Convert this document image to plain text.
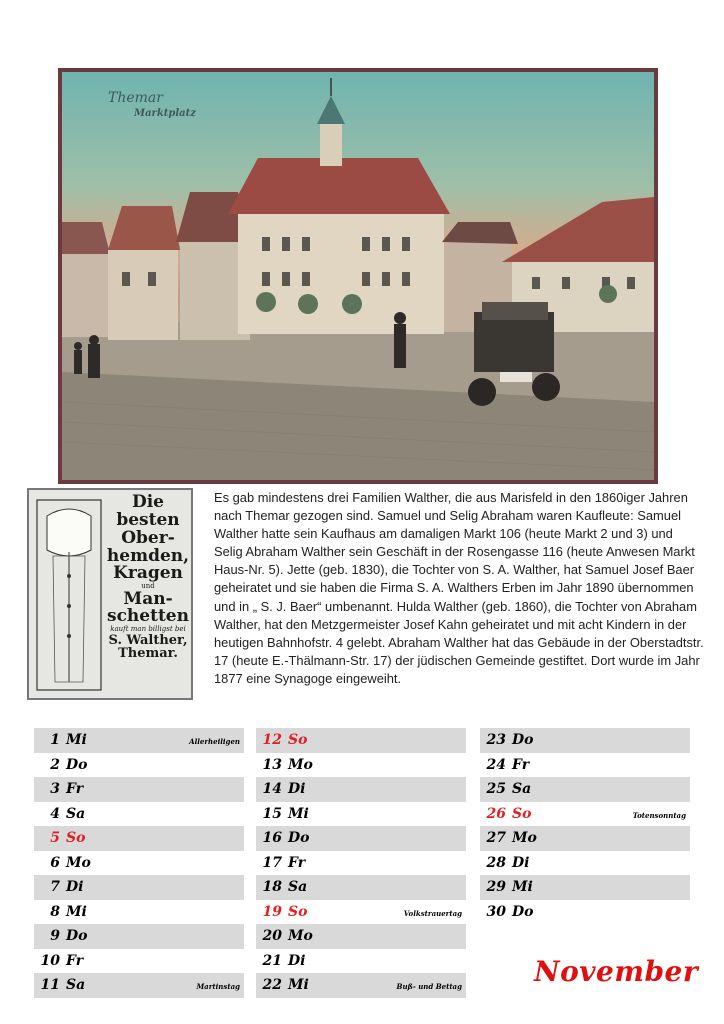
Themar
Marktplatz
Die besten
Ober-
hemden,
Kragen
und
Man-
schetten
kauft man billigst bei
S. Walther,
Themar.
Es gab mindestens drei Familien Walther, die aus Marisfeld in den 1860iger Jahren nach Themar gezogen sind. Samuel und Selig Abraham waren Kaufleute: Samuel Walther hatte sein Kaufhaus am damaligen Markt 106 (heute Markt 2 und 3) und Selig Abraham Walther sein Geschäft in der Rosengasse 116 (heute Anwesen Markt Haus-Nr. 5). Jette (geb. 1830), die Tochter von S. A. Walther, hat Samuel Josef Baer geheiratet und sie haben die Firma S. A. Walthers Erben im Jahr 1890 übernommen und in „ S. J. Baer“ umbenannt. Hulda Walther (geb. 1860), die Tochter von Abraham Walther, hat den Metzgermeister Josef Kahn geheiratet und mit acht Kindern in der heutigen Bahnhofstr. 4 gelebt. Abraham Walther hat das Gebäude in der Oberstadtstr. 17 (heute E.-Thälmann-Str. 17) der jüdischen Gemeinde gestiftet. Dort wurde im Jahr 1877 eine Synagoge eingeweiht.
1 Mi	Allerheiligen
2 Do
3 Fr
4 Sa
5 So
6 Mo
7 Di
8 Mi
9 Do
10 Fr
11 Sa	Martinstag
12 So
13 Mo
14 Di
15 Mi
16 Do
17 Fr
18 Sa
19 So	Volkstrauertag
20 Mo
21 Di
22 Mi	Buß- und Bettag
23 Do
24 Fr
25 Sa
26 So	Totensonntag
27 Mo
28 Di
29 Mi
30 Do
November
